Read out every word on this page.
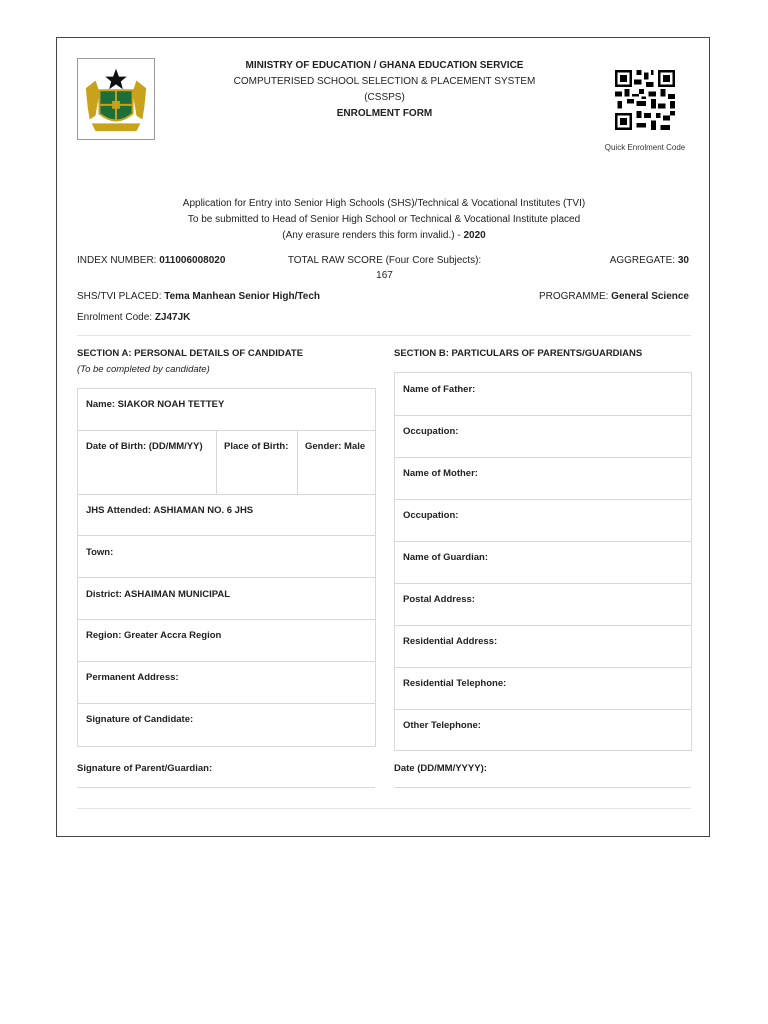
MINISTRY OF EDUCATION / GHANA EDUCATION SERVICE
COMPUTERISED SCHOOL SELECTION & PLACEMENT SYSTEM
(CSSPS)
ENROLMENT FORM
Quick Enrolment Code
Application for Entry into Senior High Schools (SHS)/Technical & Vocational Institutes (TVI)
To be submitted to Head of Senior High School or Technical & Vocational Institute placed
(Any erasure renders this form invalid.) - 2020
INDEX NUMBER: 011006008020	TOTAL RAW SCORE (Four Core Subjects):
167
AGGREGATE: 30
SHS/TVI PLACED: Tema Manhean Senior High/Tech	PROGRAMME: General Science
Enrolment Code: ZJ47JK
SECTION A: PERSONAL DETAILS OF CANDIDATE
(To be completed by candidate)
Name: SIAKOR NOAH TETTEY
Date of Birth: (DD/MM/YY) Place of Birth: Gender: Male
JHS Attended: ASHIAMAN NO. 6 JHS
Town:
District: ASHAIMAN MUNICIPAL
Region: Greater Accra Region
Permanent Address:
Signature of Candidate:
SECTION B: PARTICULARS OF PARENTS/GUARDIANS
Name of Father:
Occupation:
Name of Mother:
Occupation:
Name of Guardian:
Postal Address:
Residential Address:
Residential Telephone:
Other Telephone:
Signature of Parent/Guardian:	Date (DD/MM/YYYY):
